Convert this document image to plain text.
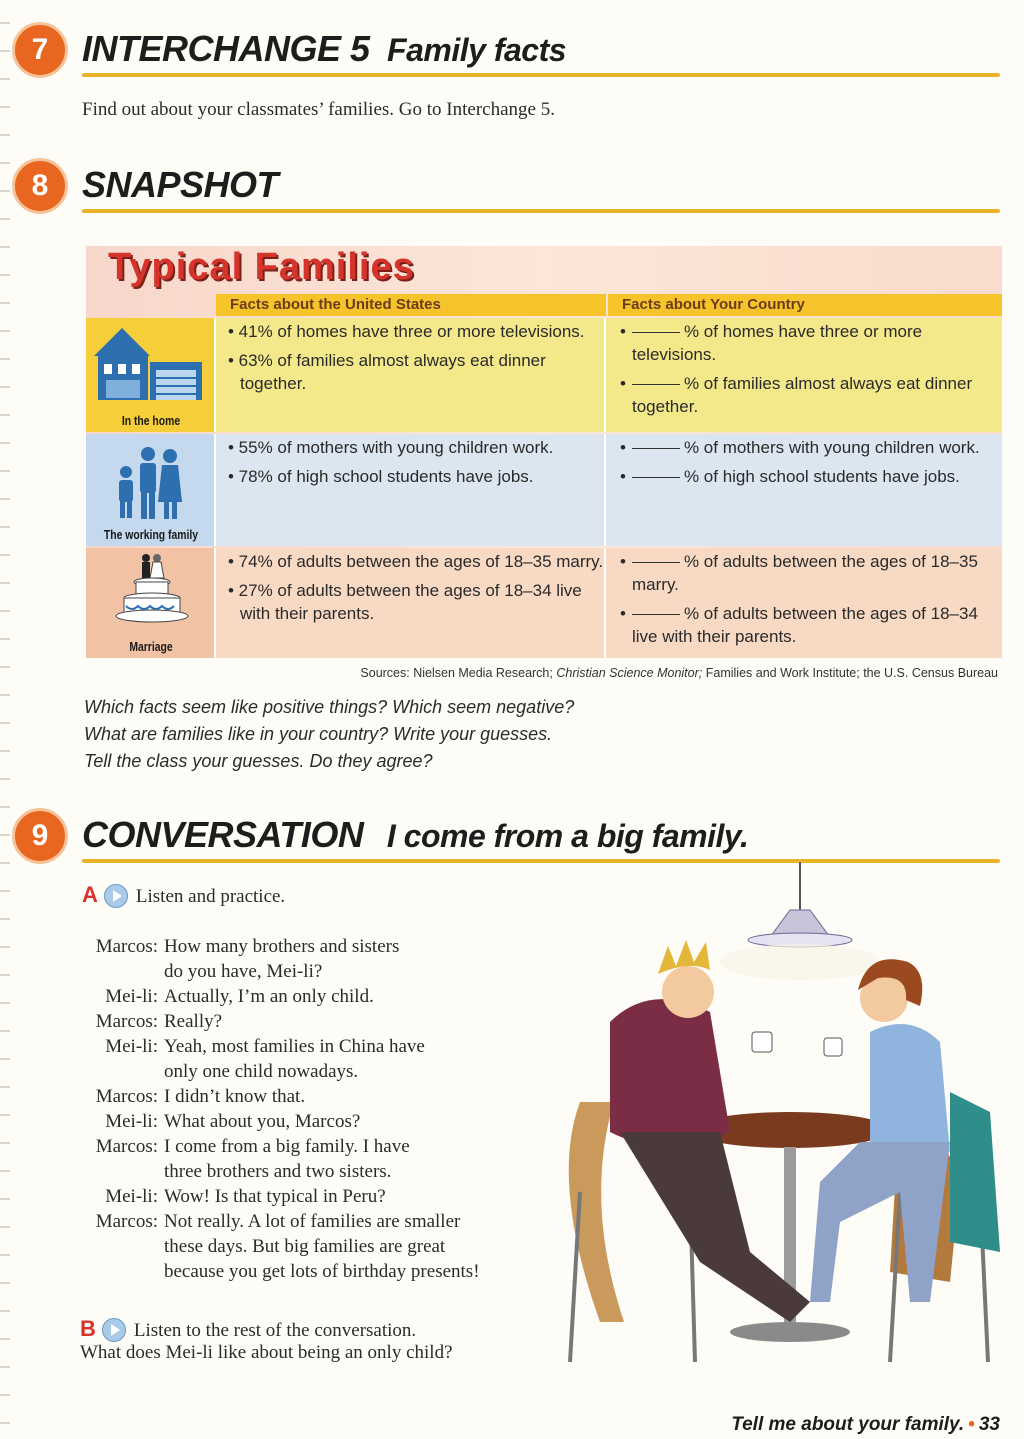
7 INTERCHANGE 5 Family facts
Find out about your classmates’ families. Go to Interchange 5.
8 SNAPSHOT
Typical Families
Facts about the United States	Facts about Your Country
In the home
• 41% of homes have three or more televisions.
• 63% of families almost always eat dinner together.
•	% of homes have three or more televisions.
•	% of families almost always eat dinner together.
The working family
• 55% of mothers with young children work.
• 78% of high school students have jobs.
•	% of mothers with young children work.
•	% of high school students have jobs.
Marriage
• 74% of adults between the ages of 18–35 marry.
• 27% of adults between the ages of 18–34 live with their parents.
•	% of adults between the ages of 18–35 marry.
•	% of adults between the ages of 18–34 live with their parents.
Sources: Nielsen Media Research; Christian Science Monitor; Families and Work Institute; the U.S. Census Bureau
Which facts seem like positive things? Which seem negative?
What are families like in your country? Write your guesses.
Tell the class your guesses. Do they agree?
9 CONVERSATION I come from a big family.
A Listen and practice.
Marcos: How many brothers and sisters
do you have, Mei-li?
Mei-li: Actually, I’m an only child.
Marcos: Really?
Mei-li: Yeah, most families in China have
only one child nowadays.
Marcos: I didn’t know that.
Mei-li: What about you, Marcos?
Marcos: I come from a big family. I have
three brothers and two sisters.
Mei-li: Wow! Is that typical in Peru?
Marcos: Not really. A lot of families are smaller
these days. But big families are great
because you get lots of birthday presents!
B Listen to the rest of the conversation.
What does Mei-li like about being an only child?
Tell me about your family. • 33
